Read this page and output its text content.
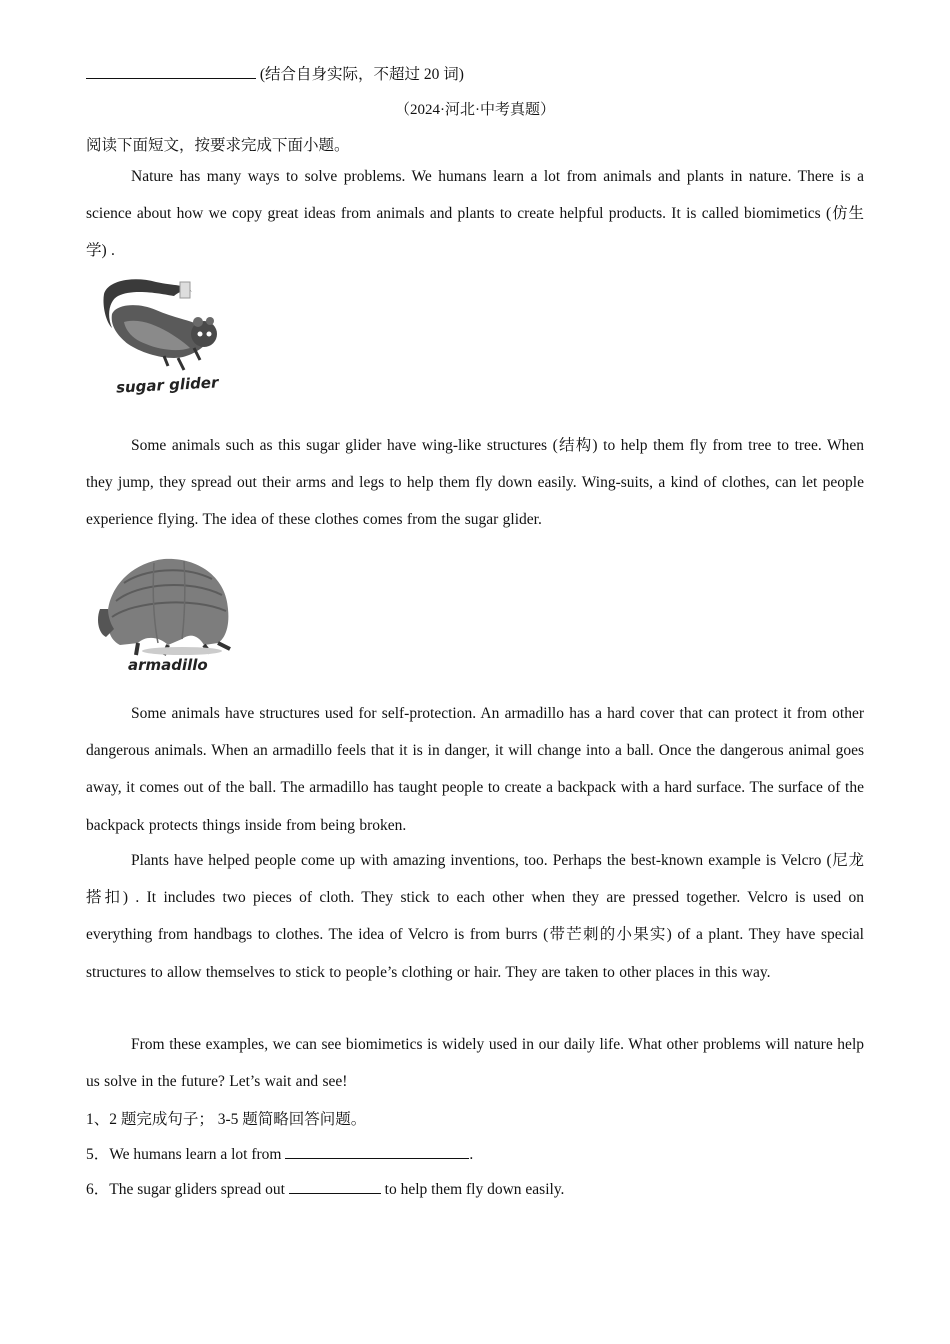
(结合自身实际，不超过 20 词)
（2024·河北·中考真题）
阅读下面短文，按要求完成下面小题。
Nature has many ways to solve problems. We humans learn a lot from animals and plants in nature. There is a science about how we copy great ideas from animals and plants to create helpful products. It is called biomimetics (仿生学) .
sugar glider
Some animals such as this sugar glider have wing-like structures (结构) to help them fly from tree to tree. When they jump, they spread out their arms and legs to help them fly down easily. Wing-suits, a kind of clothes, can let people experience flying. The idea of these clothes comes from the sugar glider.
armadillo
Some animals have structures used for self-protection. An armadillo has a hard cover that can protect it from other dangerous animals. When an armadillo feels that it is in danger, it will change into a ball. Once the dangerous animal goes away, it comes out of the ball. The armadillo has taught people to create a backpack with a hard surface. The surface of the backpack protects things inside from being broken.
Plants have helped people come up with amazing inventions, too. Perhaps the best-known example is Velcro (尼龙搭扣) . It includes two pieces of cloth. They stick to each other when they are pressed together. Velcro is used on everything from handbags to clothes. The idea of Velcro is from burrs (带芒刺的小果实) of a plant. They have special structures to allow themselves to stick to people’s clothing or hair. They are taken to other places in this way.
From these examples, we can see biomimetics is widely used in our daily life. What other problems will nature help us solve in the future? Let’s wait and see!
1、2 题完成句子； 3-5 题简略回答问题。
5．We humans learn a lot from	.
6．The sugar gliders spread out	to help them fly down easily.
